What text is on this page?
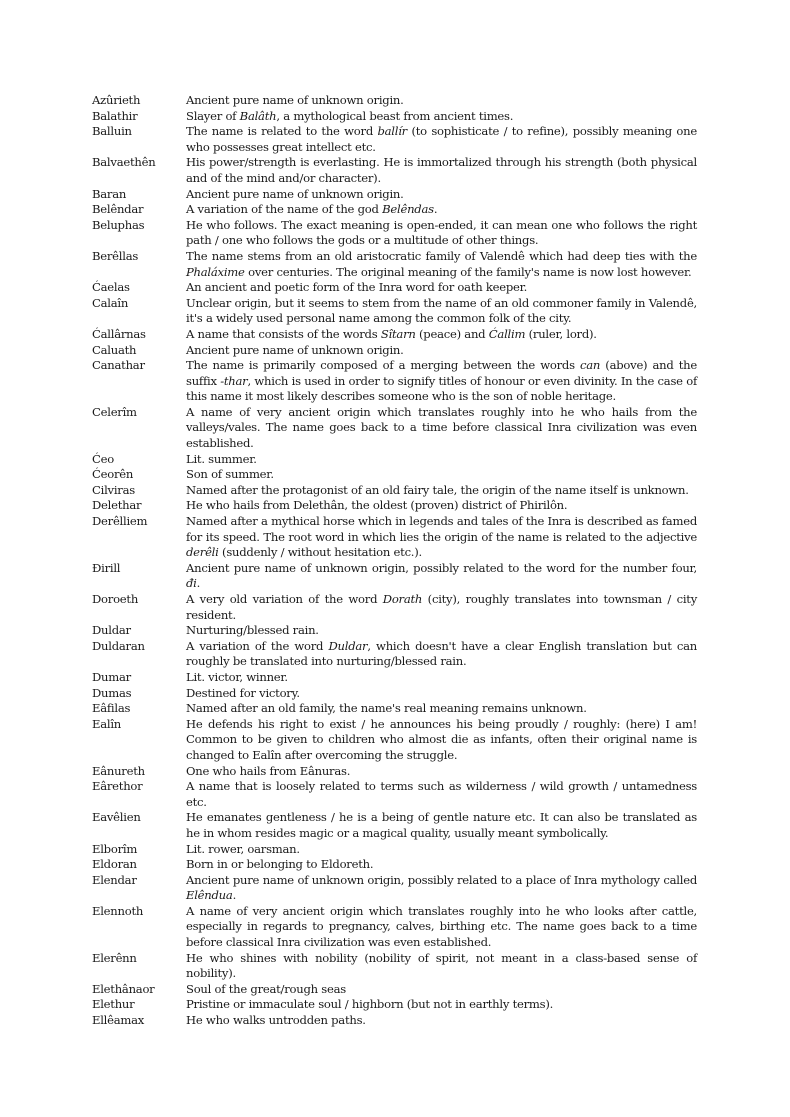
Azûrieth	Ancient pure name of unknown origin.
Balathir	Slayer of Balâth, a mythological beast from ancient times.
Balluin	The name is related to the word ballír (to sophisticate / to refine), possibly meaning one who possesses great intellect etc.
Balvaethên	His power/strength is everlasting. He is immortalized through his strength (both physical and of the mind and/or character).
Baran	Ancient pure name of unknown origin.
Belêndar	A variation of the name of the god Belêndas.
Beluphas	He who follows. The exact meaning is open-ended, it can mean one who follows the right path / one who follows the gods or a multitude of other things.
Berêllas	The name stems from an old aristocratic family of Valendê which had deep ties with the Phaláxime over centuries. The original meaning of the family's name is now lost however.
Ćaelas	An ancient and poetic form of the Inra word for oath keeper.
Calaîn	Unclear origin, but it seems to stem from the name of an old commoner family in Valendê, it's a widely used personal name among the common folk of the city.
Ćallârnas	A name that consists of the words Sîtarn (peace) and Ćallim (ruler, lord).
Caluath	Ancient pure name of unknown origin.
Canathar	The name is primarily composed of a merging between the words can (above) and the suffix -thar, which is used in order to signify titles of honour or even divinity. In the case of this name it most likely describes someone who is the son of noble heritage.
Celerîm	A name of very ancient origin which translates roughly into he who hails from the valleys/vales. The name goes back to a time before classical Inra civilization was even established.
Ćeo	Lit. summer.
Ćeorên	Son of summer.
Cilviras	Named after the protagonist of an old fairy tale, the origin of the name itself is unknown.
Delethar	He who hails from Delethân, the oldest (proven) district of Phirilôn.
Derêlliem	Named after a mythical horse which in legends and tales of the Inra is described as famed for its speed. The root word in which lies the origin of the name is related to the adjective derêli (suddenly / without hesitation etc.).
Đirill	Ancient pure name of unknown origin, possibly related to the word for the number four, đi.
Doroeth	A very old variation of the word Dorath (city), roughly translates into townsman / city resident.
Duldar	Nurturing/blessed rain.
Duldaran	A variation of the word Duldar, which doesn't have a clear English translation but can roughly be translated into nurturing/blessed rain.
Dumar	Lit. victor, winner.
Dumas	Destined for victory.
Eâfilas	Named after an old family, the name's real meaning remains unknown.
Ealîn	He defends his right to exist / he announces his being proudly / roughly: (here) I am! Common to be given to children who almost die as infants, often their original name is changed to Ealîn after overcoming the struggle.
Eânureth	One who hails from Eânuras.
Eârethor	A name that is loosely related to terms such as wilderness / wild growth / untamedness etc.
Eavêlien	He emanates gentleness / he is a being of gentle nature etc. It can also be translated as he in whom resides magic or a magical quality, usually meant symbolically.
Elborîm	Lit. rower, oarsman.
Eldoran	Born in or belonging to Eldoreth.
Elendar	Ancient pure name of unknown origin, possibly related to a place of Inra mythology called Elêndua.
Elennoth	A name of very ancient origin which translates roughly into he who looks after cattle, especially in regards to pregnancy, calves, birthing etc. The name goes back to a time before classical Inra civilization was even established.
Elerênn	He who shines with nobility (nobility of spirit, not meant in a class-based sense of nobility).
Elethânaor	Soul of the great/rough seas
Elethur	Pristine or immaculate soul / highborn (but not in earthly terms).
Ellêamax	He who walks untrodden paths.
